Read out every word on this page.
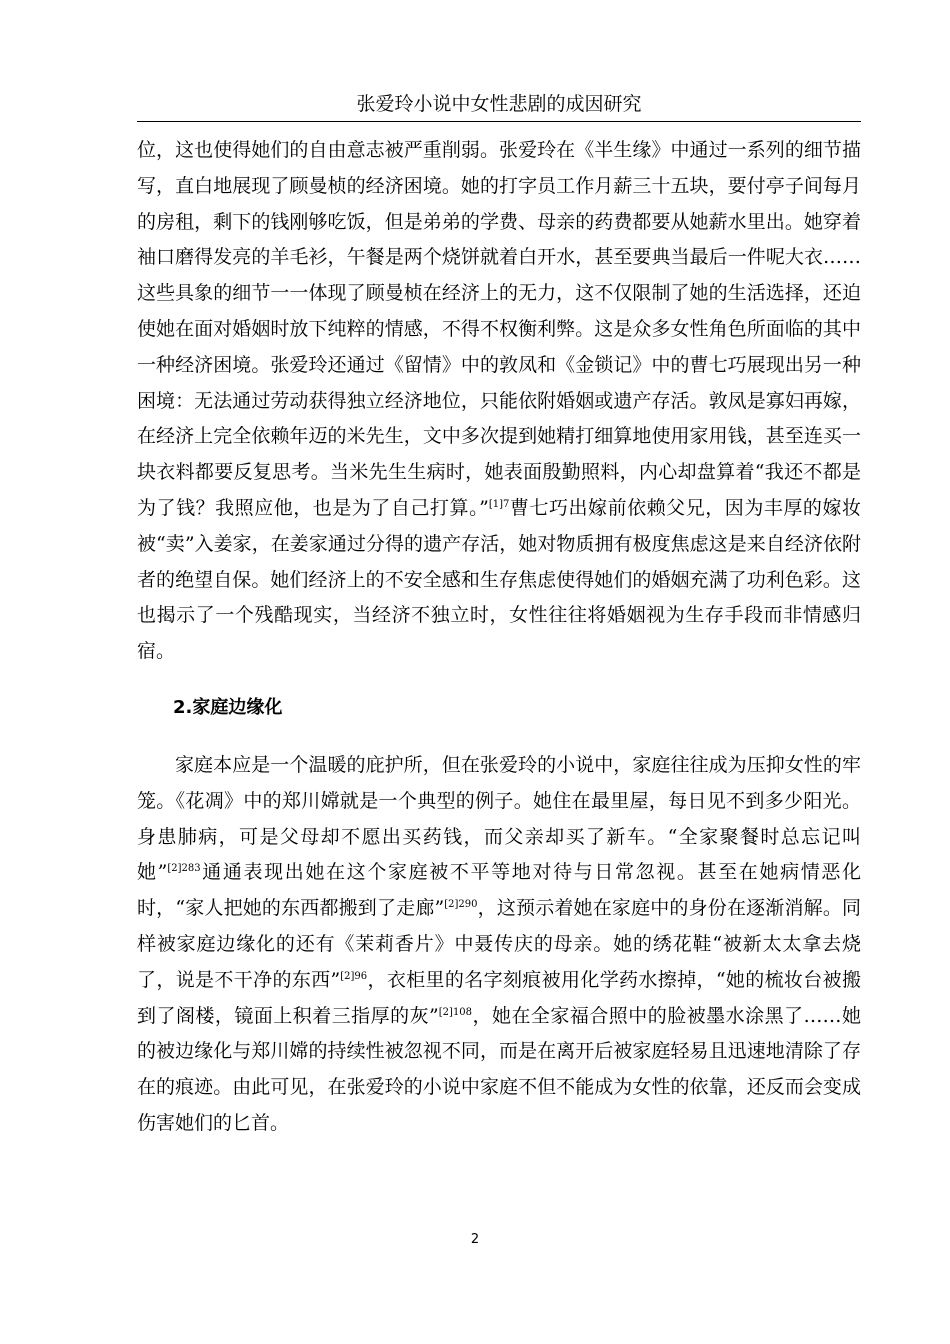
张爱玲小说中女性悲剧的成因研究

位，这也使得她们的自由意志被严重削弱。张爱玲在《半生缘》中通过一系列的细节描写，直白地展现了顾曼桢的经济困境。她的打字员工作月薪三十五块，要付亭子间每月的房租，剩下的钱刚够吃饭，但是弟弟的学费、母亲的药费都要从她薪水里出。她穿着袖口磨得发亮的羊毛衫，午餐是两个烧饼就着白开水，甚至要典当最后一件呢大衣……这些具象的细节一一体现了顾曼桢在经济上的无力，这不仅限制了她的生活选择，还迫使她在面对婚姻时放下纯粹的情感，不得不权衡利弊。这是众多女性角色所面临的其中一种经济困境。张爱玲还通过《留情》中的敦凤和《金锁记》中的曹七巧展现出另一种困境：无法通过劳动获得独立经济地位，只能依附婚姻或遗产存活。敦凤是寡妇再嫁，在经济上完全依赖年迈的米先生，文中多次提到她精打细算地使用家用钱，甚至连买一块衣料都要反复思考。当米先生生病时，她表面殷勤照料，内心却盘算着“我还不都是为了钱？我照应他，也是为了自己打算。”$^{[1]7}$曹七巧出嫁前依赖父兄，因为丰厚的嫁妆被“卖”入姜家，在姜家通过分得的遗产存活，她对物质拥有极度焦虑这是来自经济依附者的绝望自保。她们经济上的不安全感和生存焦虑使得她们的婚姻充满了功利色彩。这也揭示了一个残酷现实，当经济不独立时，女性往往将婚姻视为生存手段而非情感归宿。

2.家庭边缘化

家庭本应是一个温暖的庇护所，但在张爱玲的小说中，家庭往往成为压抑女性的牢笼。《花凋》中的郑川嫦就是一个典型的例子。她住在最里屋，每日见不到多少阳光。身患肺病，可是父母却不愿出买药钱，而父亲却买了新车。“全家聚餐时总忘记叫她”$^{[2]283}$通通表现出她在这个家庭被不平等地对待与日常忽视。甚至在她病情恶化时，“家人把她的东西都搬到了走廊”$^{[2]290}$，这预示着她在家庭中的身份在逐渐消解。同样被家庭边缘化的还有《茉莉香片》中聂传庆的母亲。她的绣花鞋“被新太太拿去烧了，说是不干净的东西”$^{[2]96}$，衣柜里的名字刻痕被用化学药水擦掉，“她的梳妆台被搬到了阁楼，镜面上积着三指厚的灰”$^{[2]108}$，她在全家福合照中的脸被墨水涂黑了……她的被边缘化与郑川嫦的持续性被忽视不同，而是在离开后被家庭轻易且迅速地清除了存在的痕迹。由此可见，在张爱玲的小说中家庭不但不能成为女性的依靠，还反而会变成伤害她们的匕首。

2
